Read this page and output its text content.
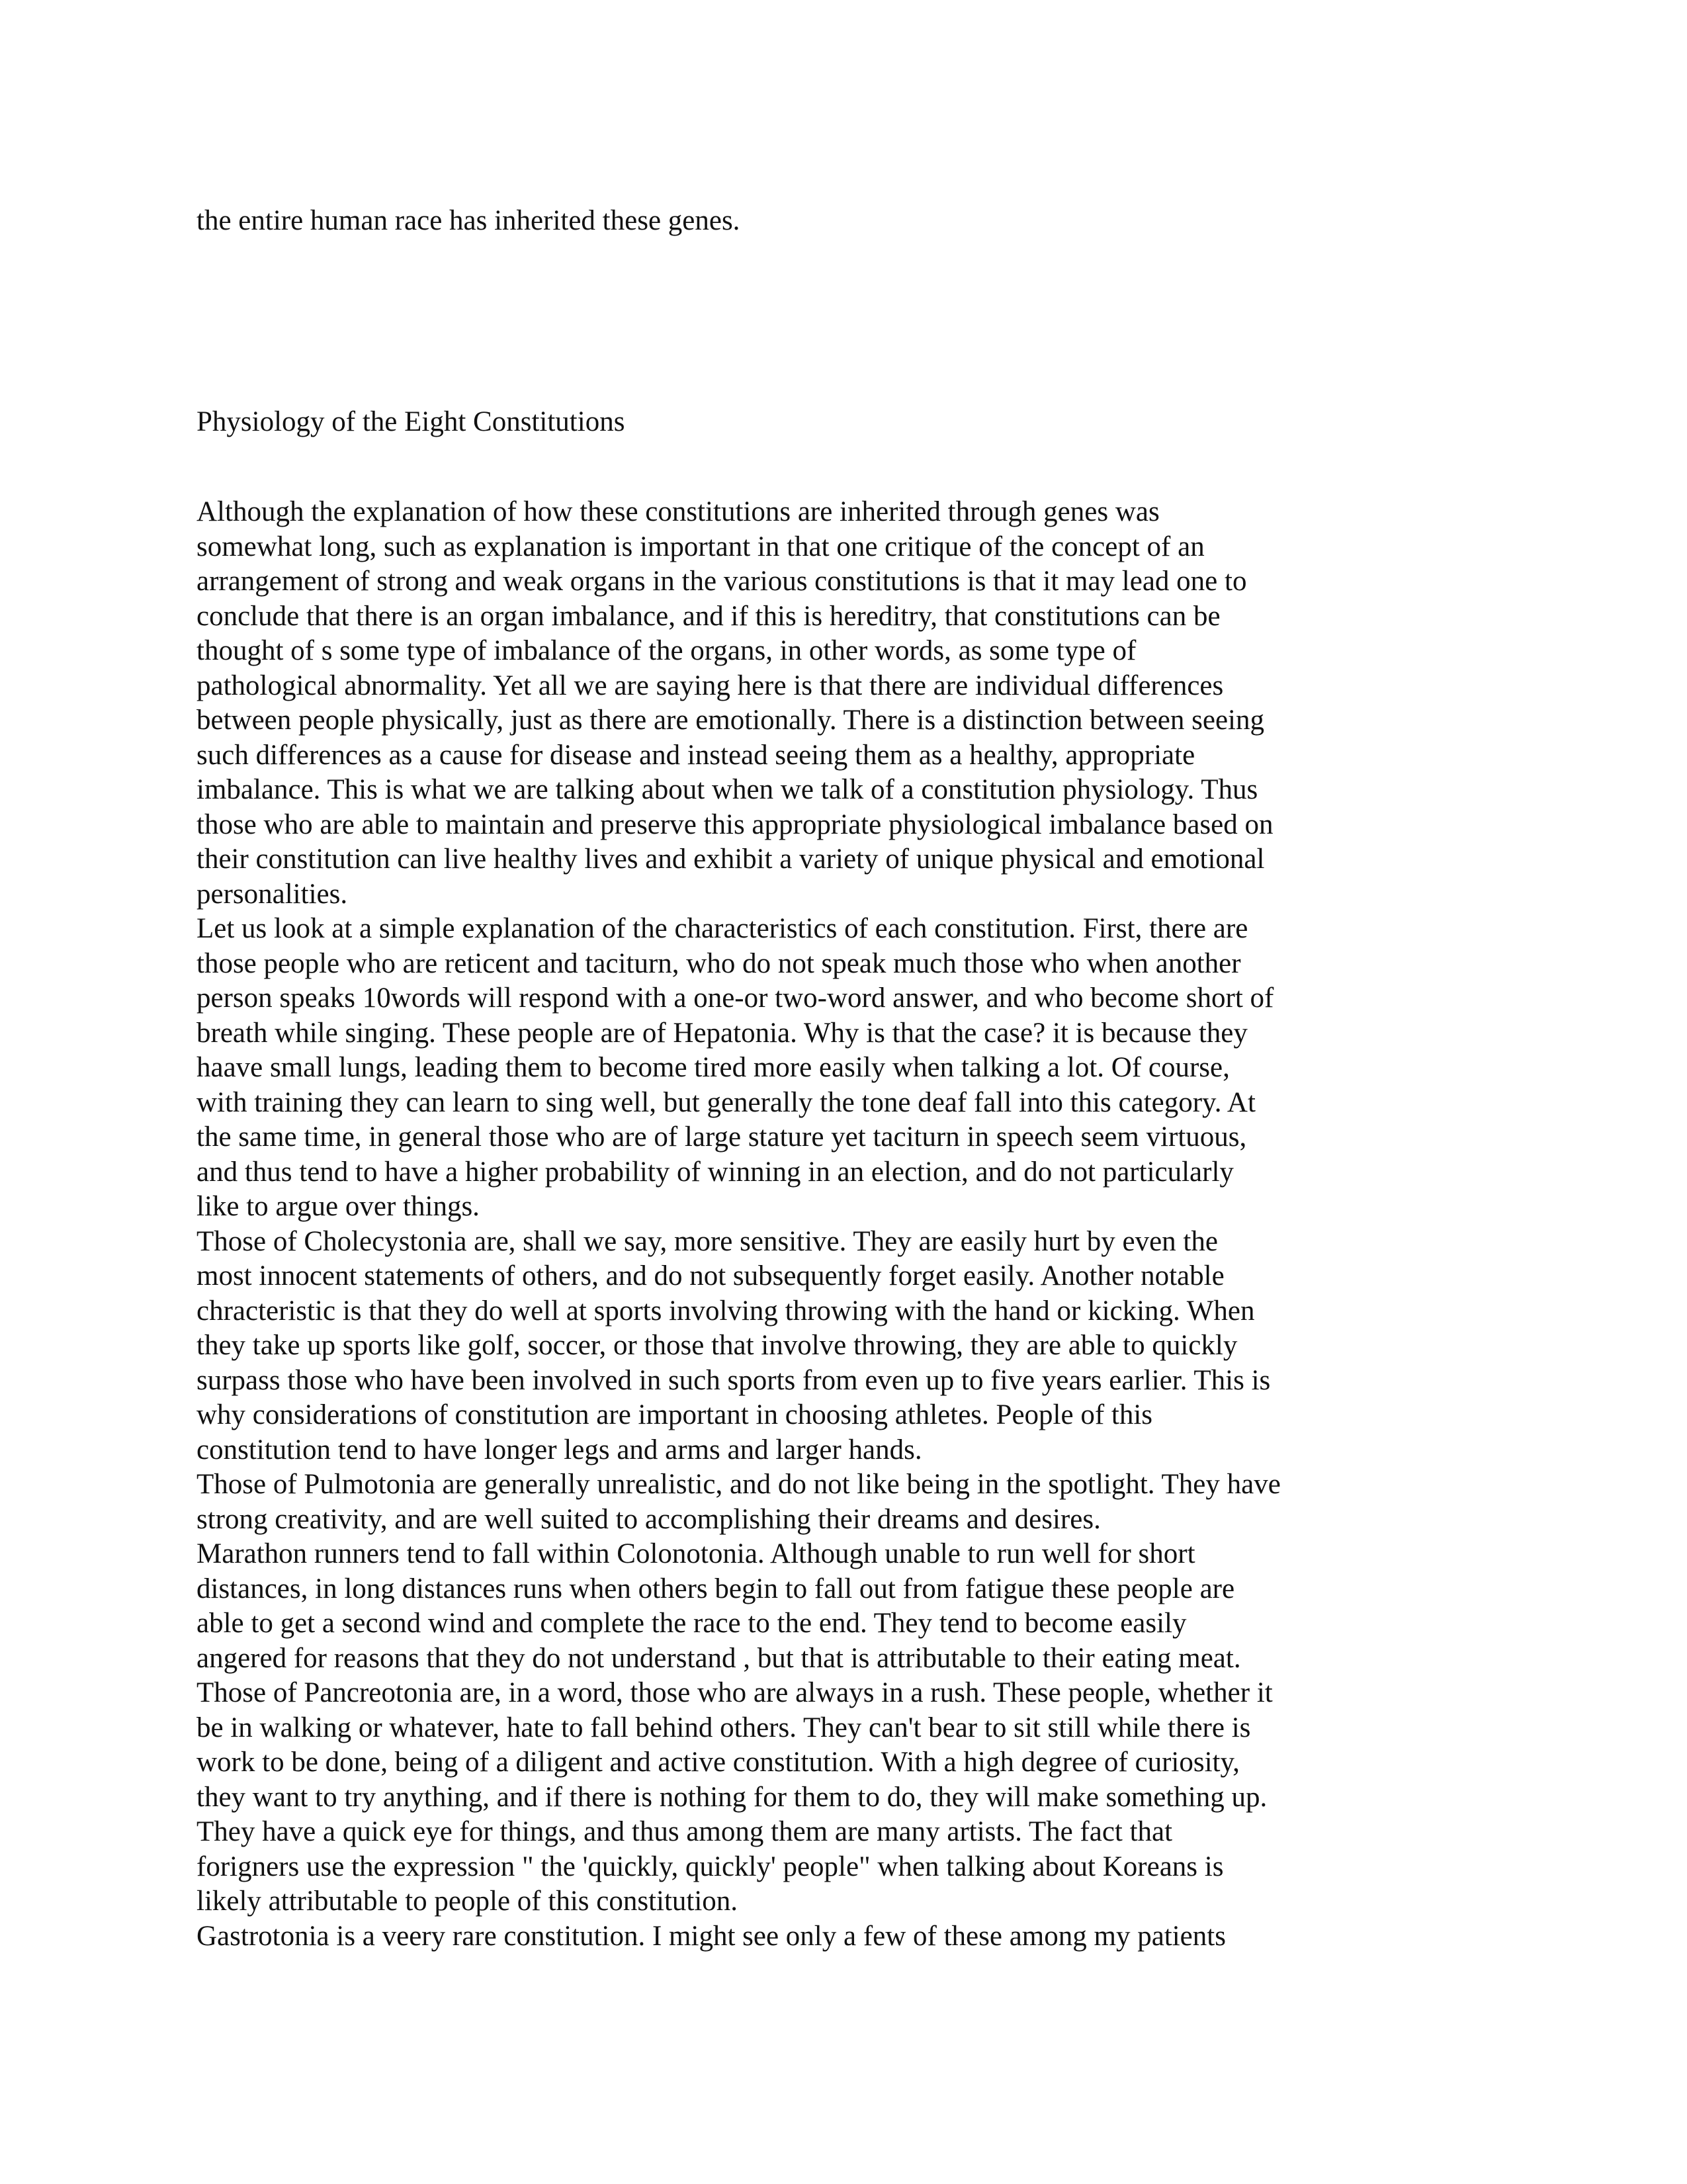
the entire human race has inherited these genes.
Physiology of the Eight Constitutions
Although the explanation of how these constitutions are inherited through genes was
somewhat long, such as explanation is important in that one critique of the concept of an
arrangement of strong and weak organs in the various constitutions is that it may lead one to
conclude that there is an organ imbalance, and if this is hereditry, that constitutions can be
thought of s some type of imbalance of the organs, in other words, as some type of
pathological abnormality. Yet all we are saying here is that there are individual differences
between people physically, just as there are emotionally. There is a distinction between seeing
such differences as a cause for disease and instead seeing them as a healthy, appropriate
imbalance. This is what we are talking about when we talk of a constitution physiology. Thus
those who are able to maintain and preserve this appropriate physiological imbalance based on
their constitution can live healthy lives and exhibit a variety of unique physical and emotional
personalities.
Let us look at a simple explanation of the characteristics of each constitution. First, there are
those people who are reticent and taciturn, who do not speak much those who when another
person speaks 10words will respond with a one-or two-word answer, and who become short of
breath while singing. These people are of Hepatonia. Why is that the case? it is because they
haave small lungs, leading them to become tired more easily when talking a lot. Of course,
with training they can learn to sing well, but generally the tone deaf fall into this category. At
the same time, in general those who are of large stature yet taciturn in speech seem virtuous,
and thus tend to have a higher probability of winning in an election, and do not particularly
like to argue over things.
Those of Cholecystonia are, shall we say, more sensitive. They are easily hurt by even the
most innocent statements of others, and do not subsequently forget easily. Another notable
chracteristic is that they do well at sports involving throwing with the hand or kicking. When
they take up sports like golf, soccer, or those that involve throwing, they are able to quickly
surpass those who have been involved in such sports from even up to five years earlier. This is
why considerations of constitution are important in choosing athletes. People of this
constitution tend to have longer legs and arms and larger hands.
Those of Pulmotonia are generally unrealistic, and do not like being in the spotlight. They have
strong creativity, and are well suited to accomplishing their dreams and desires.
Marathon runners tend to fall within Colonotonia. Although unable to run well for short
distances, in long distances runs when others begin to fall out from fatigue these people are
able to get a second wind and complete the race to the end. They tend to become easily
angered for reasons that they do not understand , but that is attributable to their eating meat.
Those of Pancreotonia are, in a word, those who are always in a rush. These people, whether it
be in walking or whatever, hate to fall behind others. They can't bear to sit still while there is
work to be done, being of a diligent and active constitution. With a high degree of curiosity,
they want to try anything, and if there is nothing for them to do, they will make something up.
They have a quick eye for things, and thus among them are many artists. The fact that
forigners use the expression " the 'quickly, quickly' people" when talking about Koreans is
likely attributable to people of this constitution.
Gastrotonia is a veery rare constitution. I might see only a few of these among my patients
